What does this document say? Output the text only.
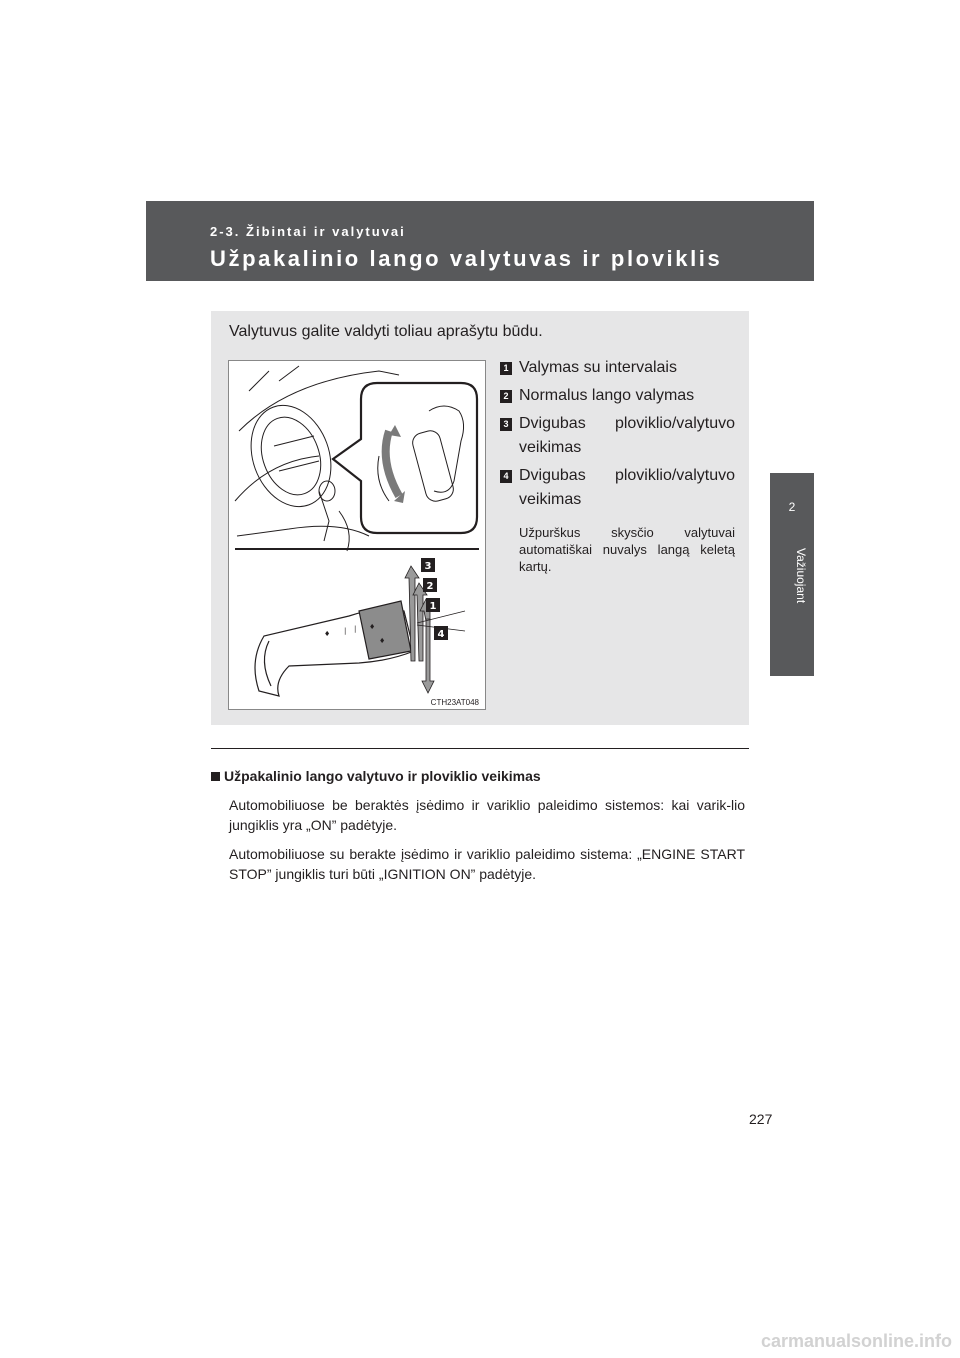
2-3. Žibintai ir valytuvai
Užpakalinio lango valytuvas ir ploviklis
2
Važiuojant
Valytuvus galite valdyti toliau aprašytu būdu.
♦ | | ♦
♦
3
2
1
4
CTH23AT048
1 Valymas su intervalais
2 Normalus lango valymas
3 Dvigubas ploviklio/valytuvo veikimas
4 Dvigubas ploviklio/valytuvo veikimas
Užpurškus skysčio valytuvai automatiškai nuvalys langą keletą kartų.
Užpakalinio lango valytuvo ir ploviklio veikimas
Automobiliuose be beraktės įsėdimo ir variklio paleidimo sistemos: kai varik-lio jungiklis yra „ON” padėtyje.
Automobiliuose su berakte įsėdimo ir variklio paleidimo sistema: „ENGINE START STOP” jungiklis turi būti „IGNITION ON” padėtyje.
227
carmanualsonline.info
